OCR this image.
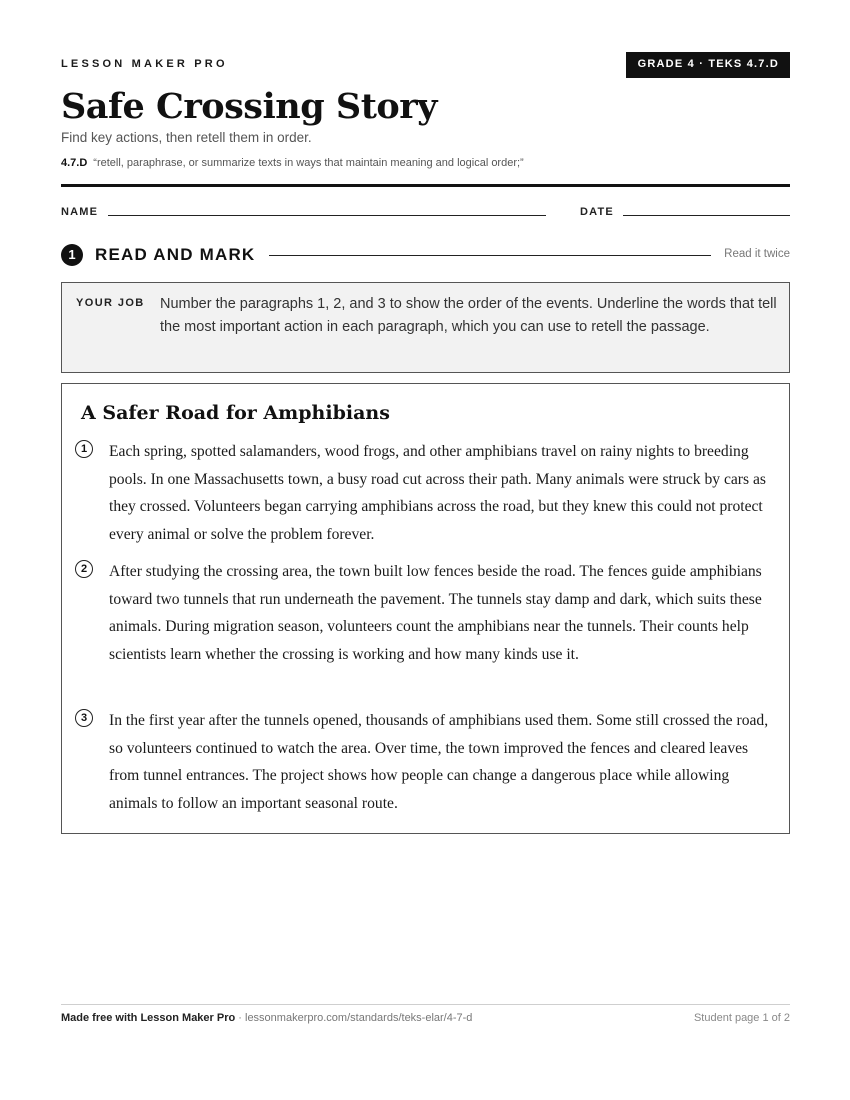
LESSON MAKER PRO	GRADE 4 · TEKS 4.7.D
Safe Crossing Story
Find key actions, then retell them in order.
4.7.D “retell, paraphrase, or summarize texts in ways that maintain meaning and logical order;”
NAME	DATE
1	READ AND MARK	Read it twice
YOUR JOB Number the paragraphs 1, 2, and 3 to show the order of the events. Underline the words that tell the most important action in each paragraph, which you can use to retell the passage.
A Safer Road for Amphibians
1	Each spring, spotted salamanders, wood frogs, and other amphibians travel on rainy nights to breeding pools. In one Massachusetts town, a busy road cut across their path. Many animals were struck by cars as they crossed. Volunteers began carrying amphibians across the road, but they knew this could not protect every animal or solve the problem forever.

2	After studying the crossing area, the town built low fences beside the road. The fences guide amphibians toward two tunnels that run underneath the pavement. The tunnels stay damp and dark, which suits these animals. During migration season, volunteers count the amphibians near the tunnels. Their counts help scientists learn whether the crossing is working and how many kinds use it.

3	In the first year after the tunnels opened, thousands of amphibians used them. Some still crossed the road, so volunteers continued to watch the area. Over time, the town improved the fences and cleared leaves from tunnel entrances. The project shows how people can change a dangerous place while allowing animals to follow an important seasonal route.

Made free with Lesson Maker Pro · lessonmakerpro.com/standards/teks-elar/4-7-d	Student page 1 of 2
